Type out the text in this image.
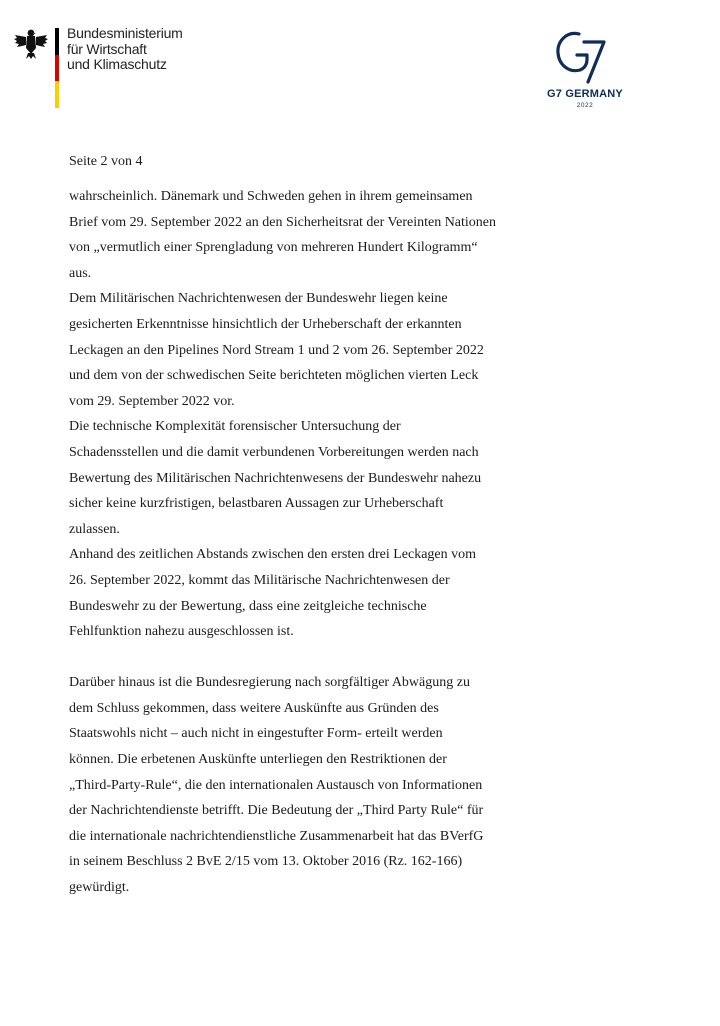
Bundesministerium
für Wirtschaft
und Klimaschutz
G7 GERMANY
2022
Seite 2 von 4
wahrscheinlich. Dänemark und Schweden gehen in ihrem gemeinsamen
Brief vom 29. September 2022 an den Sicherheitsrat der Vereinten Nationen
von „vermutlich einer Sprengladung von mehreren Hundert Kilogramm“
aus.
Dem Militärischen Nachrichtenwesen der Bundeswehr liegen keine
gesicherten Erkenntnisse hinsichtlich der Urheberschaft der erkannten
Leckagen an den Pipelines Nord Stream 1 und 2 vom 26. September 2022
und dem von der schwedischen Seite berichteten möglichen vierten Leck
vom 29. September 2022 vor.
Die technische Komplexität forensischer Untersuchung der
Schadensstellen und die damit verbundenen Vorbereitungen werden nach
Bewertung des Militärischen Nachrichtenwesens der Bundeswehr nahezu
sicher keine kurzfristigen, belastbaren Aussagen zur Urheberschaft
zulassen.
Anhand des zeitlichen Abstands zwischen den ersten drei Leckagen vom
26. September 2022, kommt das Militärische Nachrichtenwesen der
Bundeswehr zu der Bewertung, dass eine zeitgleiche technische
Fehlfunktion nahezu ausgeschlossen ist.
Darüber hinaus ist die Bundesregierung nach sorgfältiger Abwägung zu
dem Schluss gekommen, dass weitere Auskünfte aus Gründen des
Staatswohls nicht – auch nicht in eingestufter Form- erteilt werden
können. Die erbetenen Auskünfte unterliegen den Restriktionen der
„Third-Party-Rule“, die den internationalen Austausch von Informationen
der Nachrichtendienste betrifft. Die Bedeutung der „Third Party Rule“ für
die internationale nachrichtendienstliche Zusammenarbeit hat das BVerfG
in seinem Beschluss 2 BvE 2/15 vom 13. Oktober 2016 (Rz. 162-166)
gewürdigt.
